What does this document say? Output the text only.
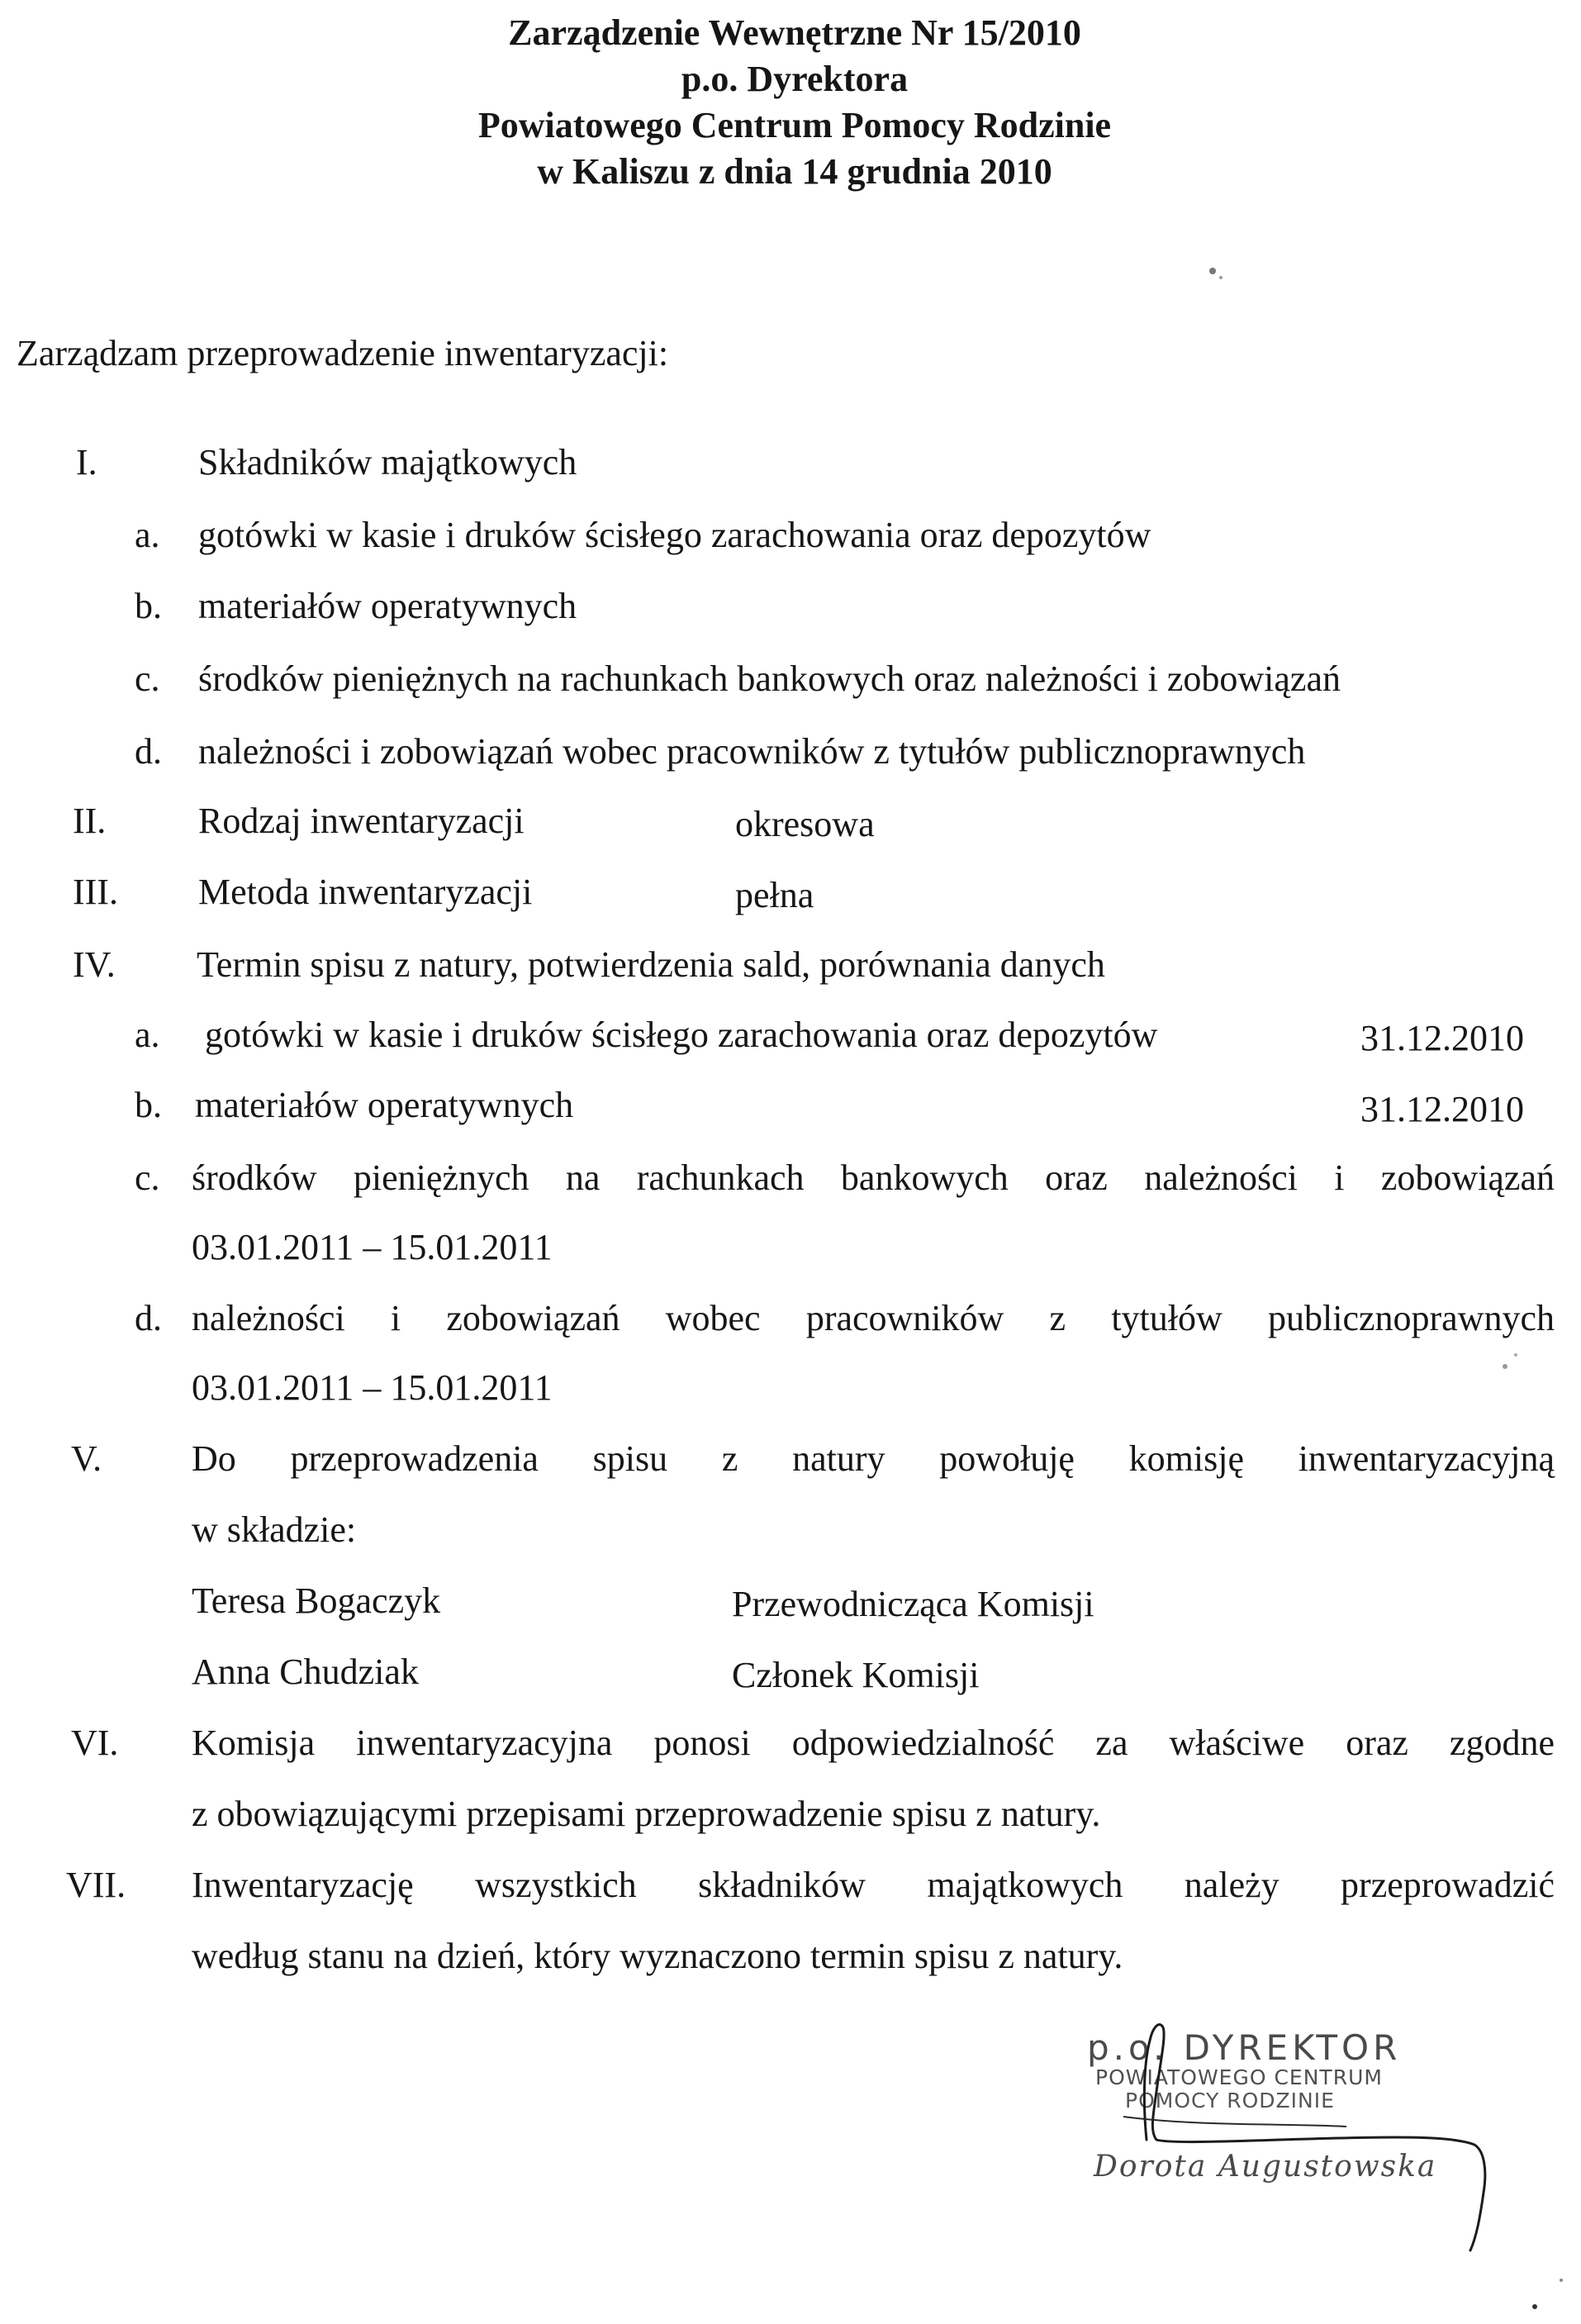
Zarządzenie Wewnętrzne Nr 15/2010
p.o. Dyrektora
Powiatowego Centrum Pomocy Rodzinie
w Kaliszu z dnia 14 grudnia 2010
Zarządzam przeprowadzenie inwentaryzacji:
I.	Składników majątkowych
a. gotówki w kasie i druków ścisłego zarachowania oraz depozytów
b. materiałów operatywnych
c. środków pieniężnych na rachunkach bankowych oraz należności i zobowiązań
d. należności i zobowiązań wobec pracowników z tytułów publicznoprawnych
II.	Rodzaj inwentaryzacji	okresowa
III. Metoda inwentaryzacji	pełna
IV. Termin spisu z natury, potwierdzenia sald, porównania danych
a. gotówki w kasie i druków ścisłego zarachowania oraz depozytów	31.12.2010
b. materiałów operatywnych	31.12.2010
c. środków pieniężnych na rachunkach bankowych oraz należności i zobowiązań
03.01.2011 – 15.01.2011
d. należności i zobowiązań wobec pracowników z tytułów publicznoprawnych
03.01.2011 – 15.01.2011
V. Do przeprowadzenia spisu z natury powołuję komisję inwentaryzacyjną
w składzie:
Teresa Bogaczyk	Przewodnicząca Komisji
Anna Chudziak	Członek Komisji
VI. Komisja inwentaryzacyjna ponosi odpowiedzialność za właściwe oraz zgodne
z obowiązującymi przepisami przeprowadzenie spisu z natury.
VII. Inwentaryzację wszystkich składników majątkowych należy przeprowadzić
według stanu na dzień, który wyznaczono termin spisu z natury.
p.o. DYREKTOR
POWIATOWEGO CENTRUM
POMOCY RODZINIE
Dorota Augustowska
